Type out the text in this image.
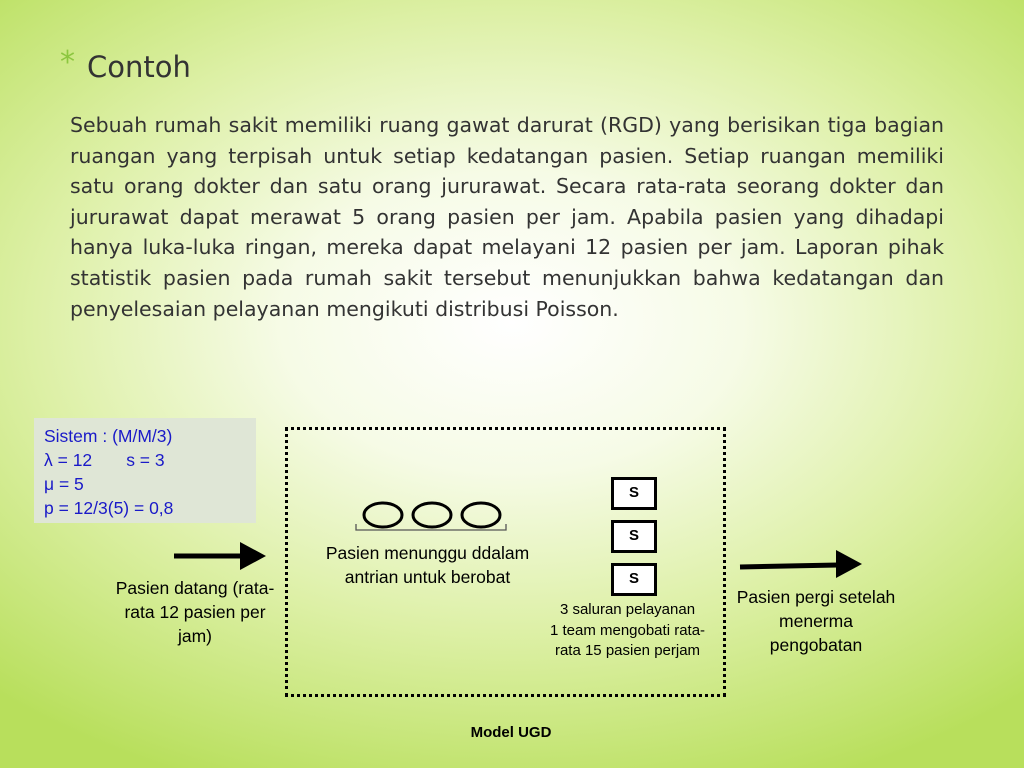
* Contoh
Sebuah rumah sakit memiliki ruang gawat darurat (RGD) yang berisikan tiga bagian ruangan yang terpisah untuk setiap kedatangan pasien. Setiap ruangan memiliki satu orang dokter dan satu orang jururawat. Secara rata-rata seorang dokter dan jururawat dapat merawat 5 orang pasien per jam. Apabila pasien yang dihadapi hanya luka-luka ringan, mereka dapat melayani 12 pasien per jam. Laporan pihak statistik pasien pada rumah sakit tersebut menunjukkan bahwa kedatangan dan penyelesaian pelayanan mengikuti distribusi Poisson.
Sistem : (M/M/3)
λ = 12       s = 3
μ = 5
p = 12/3(5) = 0,8
S
S
S
Pasien datang (rata-rata 12 pasien per jam)
Pasien menunggu ddalam antrian untuk berobat
3 saluran pelayanan
1 team mengobati rata-
rata 15 pasien perjam
Pasien pergi setelah menerma pengobatan
Model UGD
